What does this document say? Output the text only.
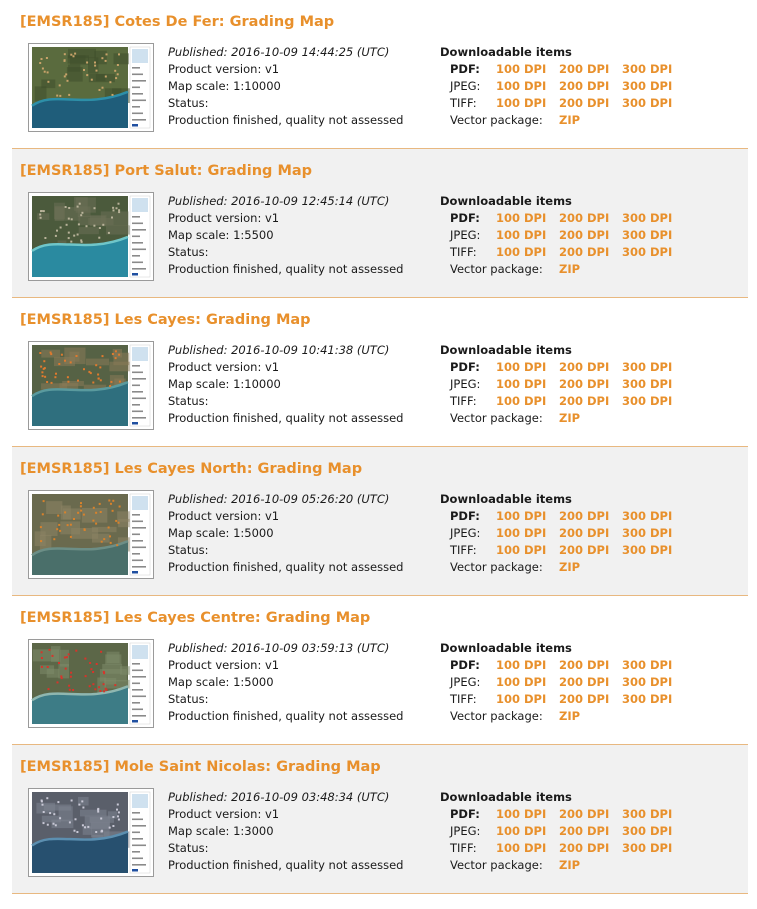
[EMSR185] Cotes De Fer: Grading Map
Published: 2016-10-09 14:44:25 (UTC)
Product version: v1
Map scale: 1:10000
Status:
Production finished, quality not assessed
Downloadable items
PDF: 100 DPI 200 DPI 300 DPI
JPEG: 100 DPI 200 DPI 300 DPI
TIFF: 100 DPI 200 DPI 300 DPI
Vector package: ZIP
[EMSR185] Port Salut: Grading Map
Published: 2016-10-09 12:45:14 (UTC)
Product version: v1
Map scale: 1:5500
Status:
Production finished, quality not assessed
Downloadable items
PDF: 100 DPI 200 DPI 300 DPI
JPEG: 100 DPI 200 DPI 300 DPI
TIFF: 100 DPI 200 DPI 300 DPI
Vector package: ZIP
[EMSR185] Les Cayes: Grading Map
Published: 2016-10-09 10:41:38 (UTC)
Product version: v1
Map scale: 1:10000
Status:
Production finished, quality not assessed
Downloadable items
PDF: 100 DPI 200 DPI 300 DPI
JPEG: 100 DPI 200 DPI 300 DPI
TIFF: 100 DPI 200 DPI 300 DPI
Vector package: ZIP
[EMSR185] Les Cayes North: Grading Map
Published: 2016-10-09 05:26:20 (UTC)
Product version: v1
Map scale: 1:5000
Status:
Production finished, quality not assessed
Downloadable items
PDF: 100 DPI 200 DPI 300 DPI
JPEG: 100 DPI 200 DPI 300 DPI
TIFF: 100 DPI 200 DPI 300 DPI
Vector package: ZIP
[EMSR185] Les Cayes Centre: Grading Map
Published: 2016-10-09 03:59:13 (UTC)
Product version: v1
Map scale: 1:5000
Status:
Production finished, quality not assessed
Downloadable items
PDF: 100 DPI 200 DPI 300 DPI
JPEG: 100 DPI 200 DPI 300 DPI
TIFF: 100 DPI 200 DPI 300 DPI
Vector package: ZIP
[EMSR185] Mole Saint Nicolas: Grading Map
Published: 2016-10-09 03:48:34 (UTC)
Product version: v1
Map scale: 1:3000
Status:
Production finished, quality not assessed
Downloadable items
PDF: 100 DPI 200 DPI 300 DPI
JPEG: 100 DPI 200 DPI 300 DPI
TIFF: 100 DPI 200 DPI 300 DPI
Vector package: ZIP
